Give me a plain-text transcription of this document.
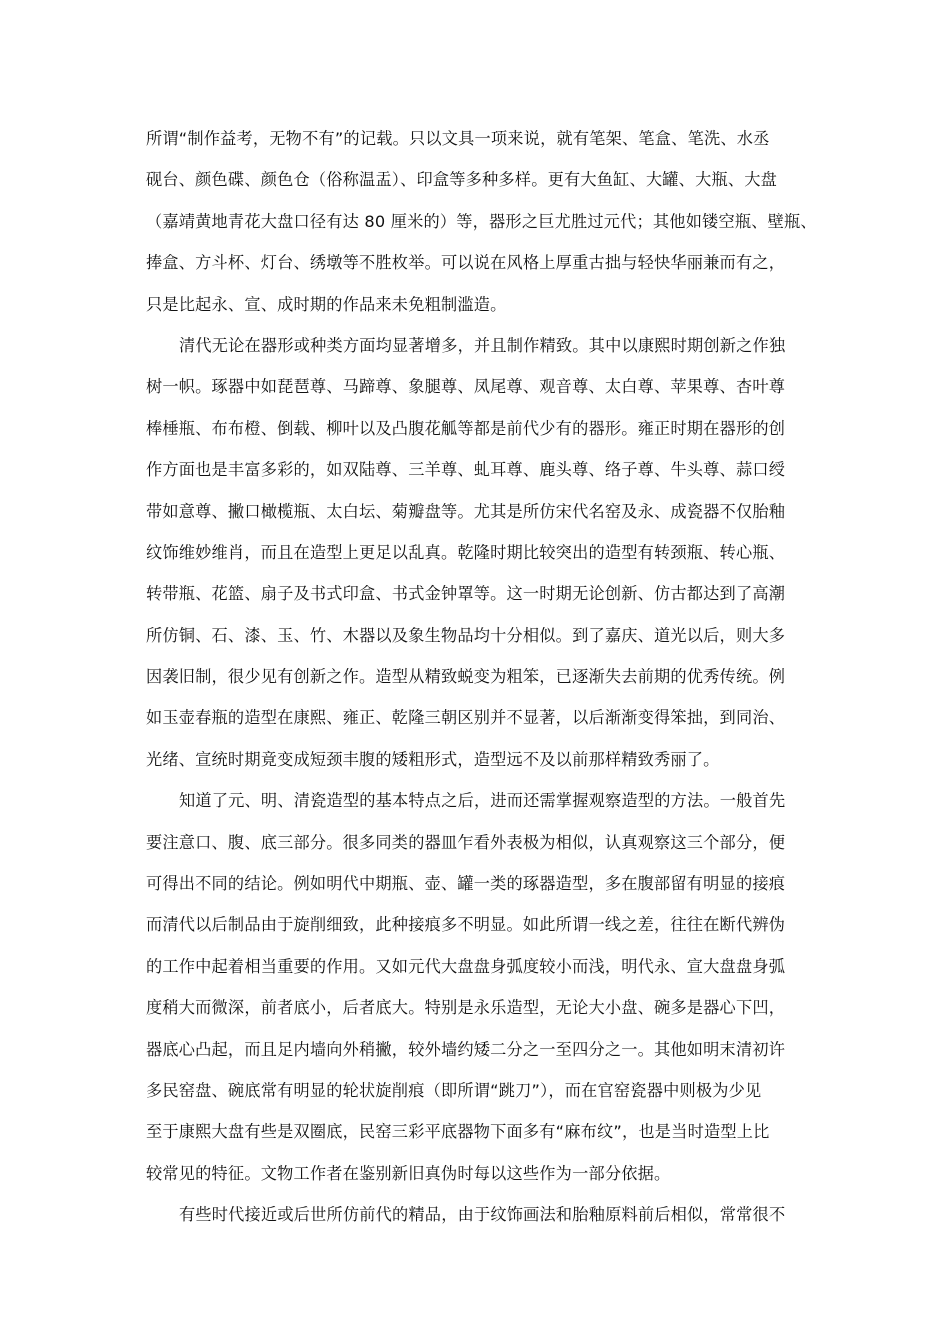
所谓“制作益考，无物不有”的记载。只以文具一项来说，就有笔架、笔盒、笔洗、水丞
砚台、颜色碟、颜色仓（俗称温盂）、印盒等多种多样。更有大鱼缸、大罐、大瓶、大盘
（嘉靖黄地青花大盘口径有达 80 厘米的）等，器形之巨尤胜过元代；其他如镂空瓶、壁瓶、
捧盒、方斗杯、灯台、绣墩等不胜枚举。可以说在风格上厚重古拙与轻快华丽兼而有之，
只是比起永、宣、成时期的作品来未免粗制滥造。
清代无论在器形或种类方面均显著增多，并且制作精致。其中以康熙时期创新之作独
树一帜。琢器中如琵琶尊、马蹄尊、象腿尊、凤尾尊、观音尊、太白尊、苹果尊、杏叶尊
棒棰瓶、布布橙、倒载、柳叶以及凸腹花觚等都是前代少有的器形。雍正时期在器形的创
作方面也是丰富多彩的，如双陆尊、三羊尊、虬耳尊、鹿头尊、络子尊、牛头尊、蒜口绶
带如意尊、撇口橄榄瓶、太白坛、菊瓣盘等。尤其是所仿宋代名窑及永、成瓷器不仅胎釉
纹饰维妙维肖，而且在造型上更足以乱真。乾隆时期比较突出的造型有转颈瓶、转心瓶、
转带瓶、花篮、扇子及书式印盒、书式金钟罩等。这一时期无论创新、仿古都达到了高潮
所仿铜、石、漆、玉、竹、木器以及象生物品均十分相似。到了嘉庆、道光以后，则大多
因袭旧制，很少见有创新之作。造型从精致蜕变为粗笨，已逐渐失去前期的优秀传统。例
如玉壶春瓶的造型在康熙、雍正、乾隆三朝区别并不显著，以后渐渐变得笨拙，到同治、
光绪、宣统时期竟变成短颈丰腹的矮粗形式，造型远不及以前那样精致秀丽了。
知道了元、明、清瓷造型的基本特点之后，进而还需掌握观察造型的方法。一般首先
要注意口、腹、底三部分。很多同类的器皿乍看外表极为相似，认真观察这三个部分，便
可得出不同的结论。例如明代中期瓶、壶、罐一类的琢器造型，多在腹部留有明显的接痕
而清代以后制品由于旋削细致，此种接痕多不明显。如此所谓一线之差，往往在断代辨伪
的工作中起着相当重要的作用。又如元代大盘盘身弧度较小而浅，明代永、宣大盘盘身弧
度稍大而微深，前者底小，后者底大。特别是永乐造型，无论大小盘、碗多是器心下凹，
器底心凸起，而且足内墙向外稍撇，较外墙约矮二分之一至四分之一。其他如明末清初许
多民窑盘、碗底常有明显的轮状旋削痕（即所谓“跳刀”），而在官窑瓷器中则极为少见
至于康熙大盘有些是双圈底，民窑三彩平底器物下面多有“麻布纹”，也是当时造型上比
较常见的特征。文物工作者在鉴别新旧真伪时每以这些作为一部分依据。
有些时代接近或后世所仿前代的精品，由于纹饰画法和胎釉原料前后相似，常常很不
